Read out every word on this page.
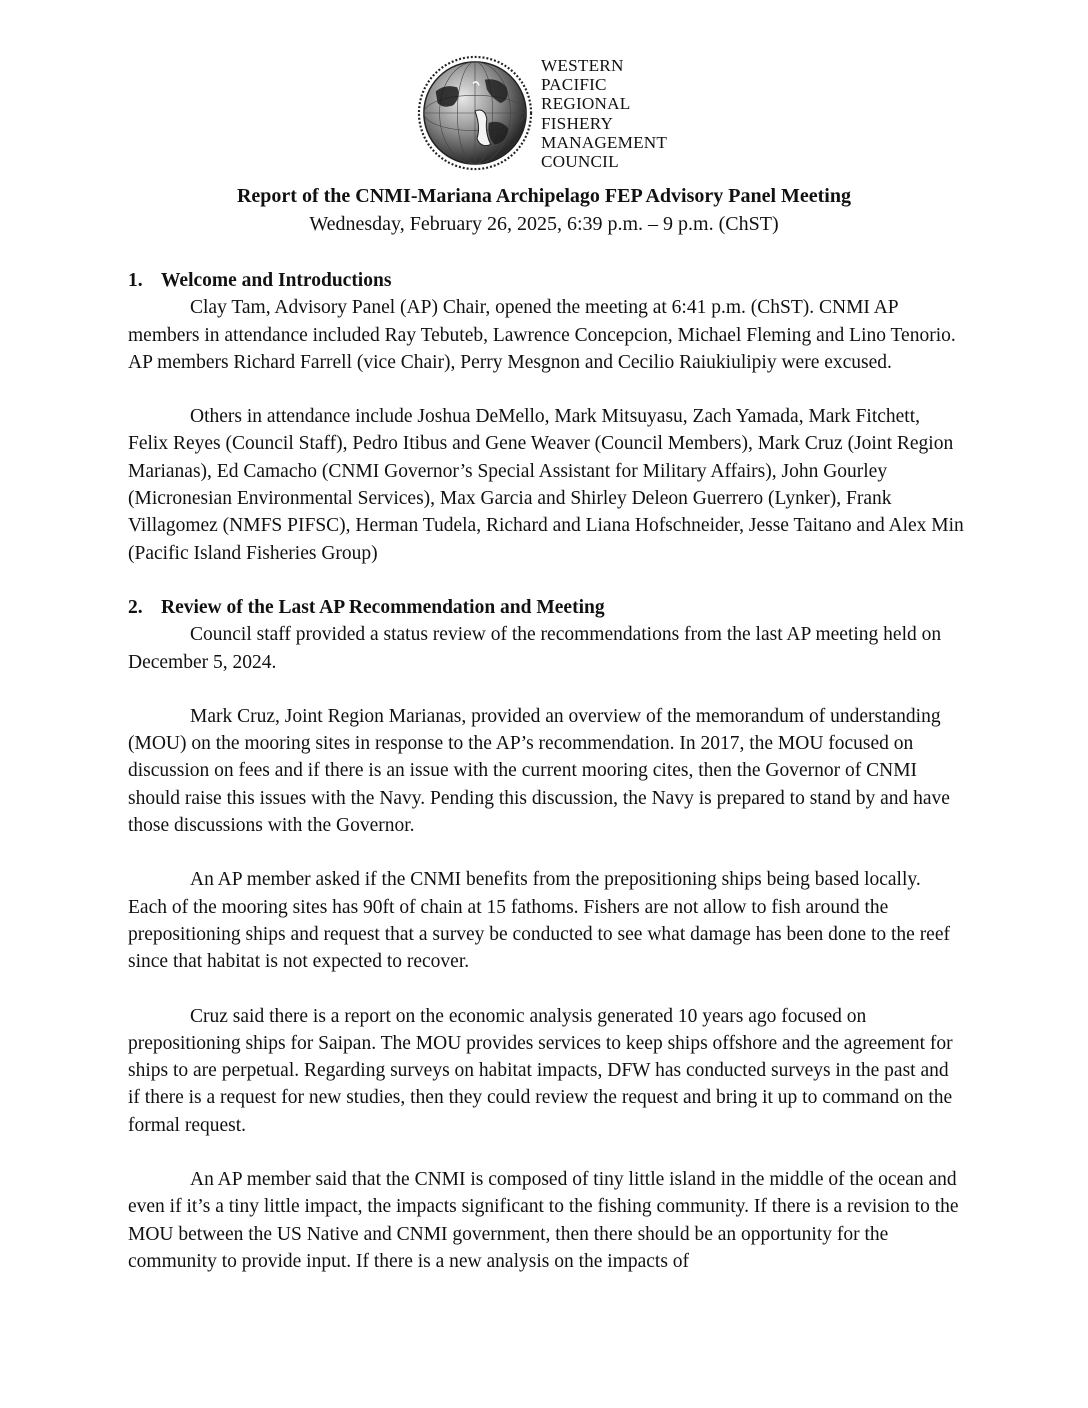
WESTERN
PACIFIC
REGIONAL
FISHERY
MANAGEMENT
COUNCIL
Report of the CNMI-Mariana Archipelago FEP Advisory Panel Meeting
Wednesday, February 26, 2025, 6:39 p.m. – 9 p.m. (ChST)
1. Welcome and Introductions

Clay Tam, Advisory Panel (AP) Chair, opened the meeting at 6:41 p.m. (ChST). CNMI AP members in attendance included Ray Tebuteb, Lawrence Concepcion, Michael Fleming and Lino Tenorio. AP members Richard Farrell (vice Chair), Perry Mesgnon and Cecilio Raiukiulipiy were excused.

Others in attendance include Joshua DeMello, Mark Mitsuyasu, Zach Yamada, Mark Fitchett, Felix Reyes (Council Staff), Pedro Itibus and Gene Weaver (Council Members), Mark Cruz (Joint Region Marianas), Ed Camacho (CNMI Governor’s Special Assistant for Military Affairs), John Gourley (Micronesian Environmental Services), Max Garcia and Shirley Deleon Guerrero (Lynker), Frank Villagomez (NMFS PIFSC), Herman Tudela, Richard and Liana Hofschneider, Jesse Taitano and Alex Min (Pacific Island Fisheries Group)

2. Review of the Last AP Recommendation and Meeting

Council staff provided a status review of the recommendations from the last AP meeting held on December 5, 2024.

Mark Cruz, Joint Region Marianas, provided an overview of the memorandum of understanding (MOU) on the mooring sites in response to the AP’s recommendation. In 2017, the MOU focused on discussion on fees and if there is an issue with the current mooring cites, then the Governor of CNMI should raise this issues with the Navy. Pending this discussion, the Navy is prepared to stand by and have those discussions with the Governor.

An AP member asked if the CNMI benefits from the prepositioning ships being based locally. Each of the mooring sites has 90ft of chain at 15 fathoms. Fishers are not allow to fish around the prepositioning ships and request that a survey be conducted to see what damage has been done to the reef since that habitat is not expected to recover.

Cruz said there is a report on the economic analysis generated 10 years ago focused on prepositioning ships for Saipan. The MOU provides services to keep ships offshore and the agreement for ships to are perpetual. Regarding surveys on habitat impacts, DFW has conducted surveys in the past and if there is a request for new studies, then they could review the request and bring it up to command on the formal request.

An AP member said that the CNMI is composed of tiny little island in the middle of the ocean and even if it’s a tiny little impact, the impacts significant to the fishing community. If there is a revision to the MOU between the US Native and CNMI government, then there should be an opportunity for the community to provide input. If there is a new analysis on the impacts of
